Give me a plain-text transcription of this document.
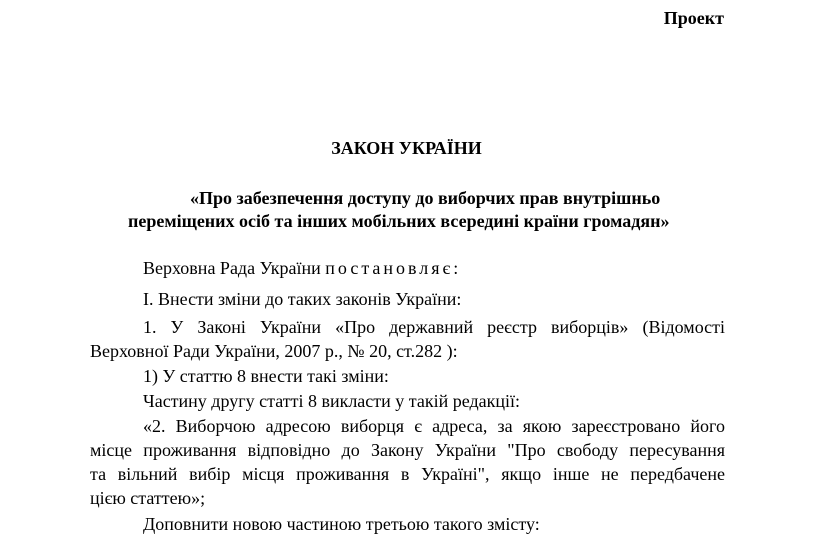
Проект
ЗАКОН УКРАЇНИ
«Про забезпечення доступу до виборчих прав внутрішньо
переміщених осіб та інших мобільних всередині країни громадян»
Верховна Рада України постановляє:
І. Внести зміни до таких законів України:
1. У Законі України «Про державний реєстр виборців» (Відомості
Верховної Ради України, 2007 р., № 20, ст.282 ):
1) У статтю 8 внести такі зміни:
Частину другу статті 8 викласти у такій редакції:
«2. Виборчою адресою виборця є адреса, за якою зареєстровано його
місце проживання відповідно до Закону України "Про свободу пересування
та вільний вибір місця проживання в Україні", якщо інше не передбачене
цією статтею»;
Доповнити новою частиною третьою такого змісту:
